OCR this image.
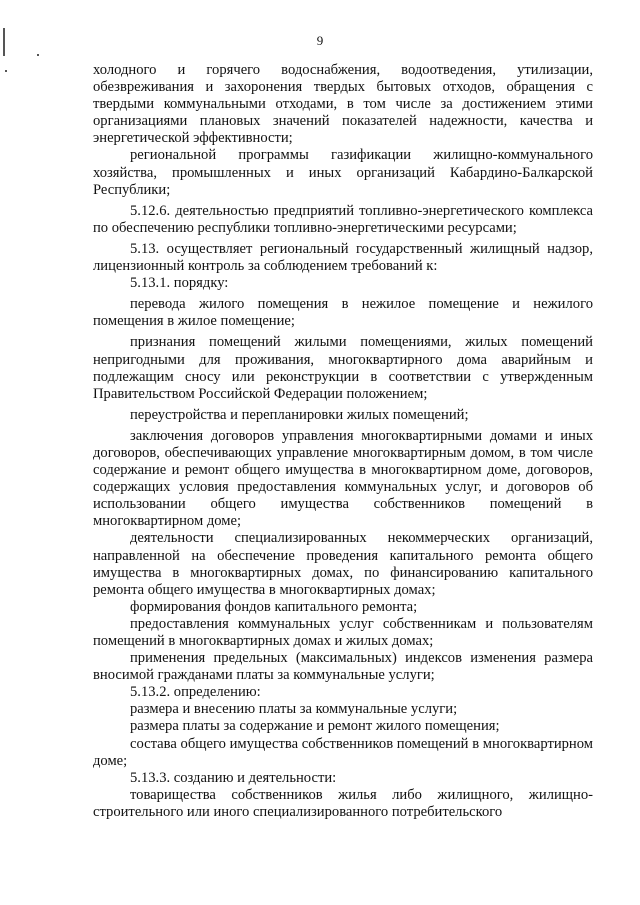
9

холодного и горячего водоснабжения, водоотведения, утилизации, обезвреживания и захоронения твердых бытовых отходов, обращения с твердыми коммунальными отходами, в том числе за достижением этими организациями плановых значений показателей надежности, качества и энергетической эффективности;

региональной программы газификации жилищно-коммунального хозяйства, промышленных и иных организаций Кабардино-Балкарской Республики;

5.12.6. деятельностью предприятий топливно-энергетического комплекса по обеспечению республики топливно-энергетическими ресурсами;

5.13. осуществляет региональный государственный жилищный надзор, лицензионный контроль за соблюдением требований к:

5.13.1. порядку:

перевода жилого помещения в нежилое помещение и нежилого помещения в жилое помещение;

признания помещений жилыми помещениями, жилых помещений непригодными для проживания, многоквартирного дома аварийным и подлежащим сносу или реконструкции в соответствии с утвержденным Правительством Российской Федерации положением;

переустройства и перепланировки жилых помещений;

заключения договоров управления многоквартирными домами и иных договоров, обеспечивающих управление многоквартирным домом, в том числе содержание и ремонт общего имущества в многоквартирном доме, договоров, содержащих условия предоставления коммунальных услуг, и договоров об использовании общего имущества собственников помещений в многоквартирном доме;

деятельности специализированных некоммерческих организаций, направленной на обеспечение проведения капитального ремонта общего имущества в многоквартирных домах, по финансированию капитального ремонта общего имущества в многоквартирных домах;

формирования фондов капитального ремонта;

предоставления коммунальных услуг собственникам и пользователям помещений в многоквартирных домах и жилых домах;

применения предельных (максимальных) индексов изменения размера вносимой гражданами платы за коммунальные услуги;

5.13.2. определению:

размера и внесению платы за коммунальные услуги;

размера платы за содержание и ремонт жилого помещения;

состава общего имущества собственников помещений в многоквартирном доме;

5.13.3. созданию и деятельности:

товарищества собственников жилья либо жилищного, жилищно-строительного или иного специализированного потребительского
